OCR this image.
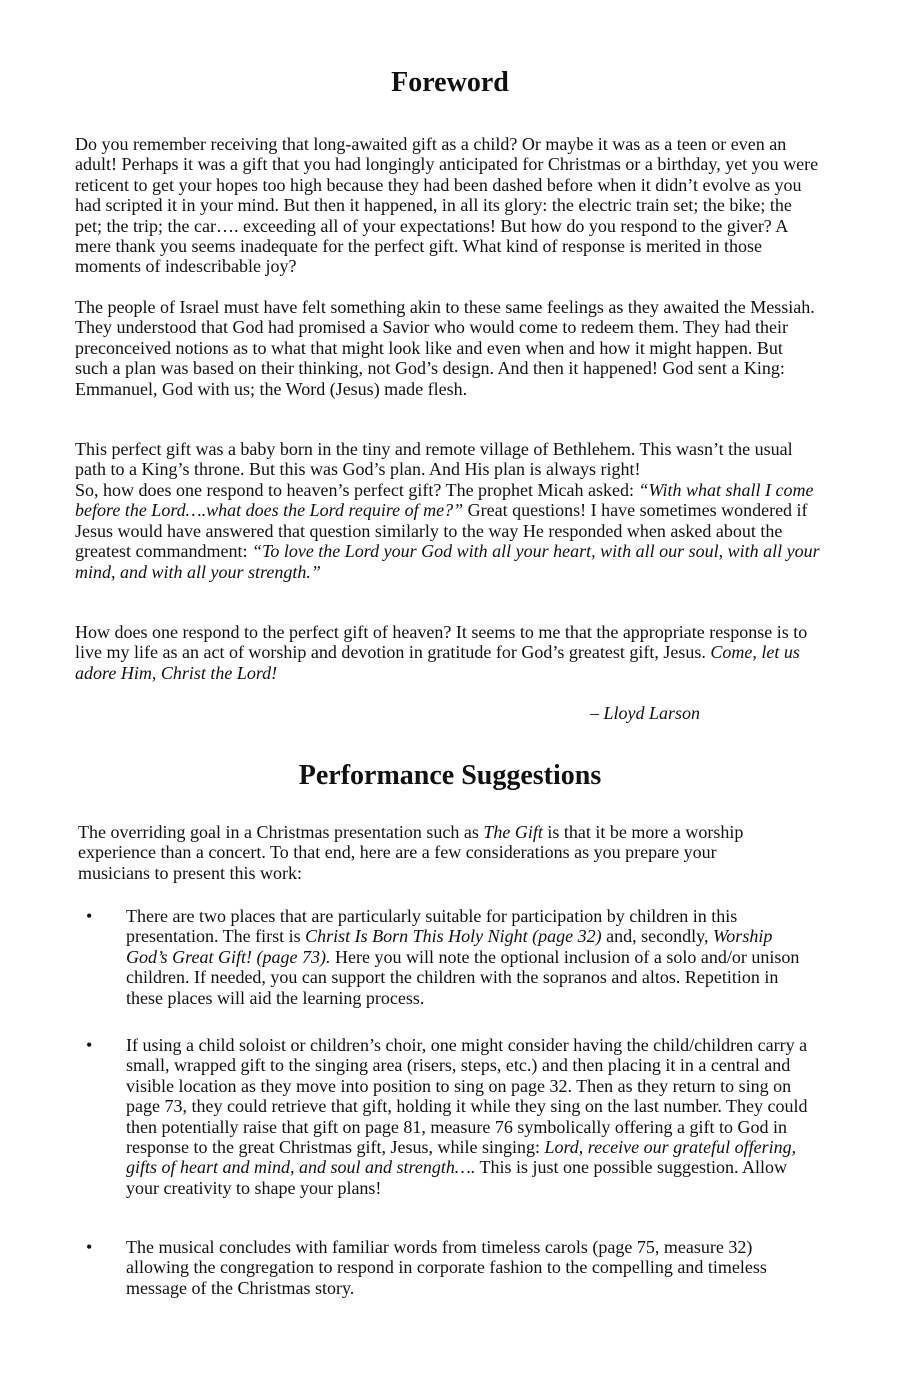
Foreword

Do you remember receiving that long-awaited gift as a child? Or maybe it was as a teen or even an adult! Perhaps it was a gift that you had longingly anticipated for Christmas or a birthday, yet you were reticent to get your hopes too high because they had been dashed before when it didn’t evolve as you had scripted it in your mind. But then it happened, in all its glory: the electric train set; the bike; the pet; the trip; the car…. exceeding all of your expectations! But how do you respond to the giver? A mere thank you seems inadequate for the perfect gift. What kind of response is merited in those moments of indescribable joy?

The people of Israel must have felt something akin to these same feelings as they awaited the Messiah. They understood that God had promised a Savior who would come to redeem them. They had their preconceived notions as to what that might look like and even when and how it might happen. But such a plan was based on their thinking, not God’s design. And then it happened! God sent a King: Emmanuel, God with us; the Word (Jesus) made flesh.

This perfect gift was a baby born in the tiny and remote village of Bethlehem. This wasn’t the usual path to a King’s throne. But this was God’s plan. And His plan is always right!

So, how does one respond to heaven’s perfect gift? The prophet Micah asked: “With what shall I come before the Lord….what does the Lord require of me?” Great questions! I have sometimes wondered if Jesus would have answered that question similarly to the way He responded when asked about the greatest commandment: “To love the Lord your God with all your heart, with all our soul, with all your mind, and with all your strength.”

How does one respond to the perfect gift of heaven? It seems to me that the appropriate response is to live my life as an act of worship and devotion in gratitude for God’s greatest gift, Jesus. Come, let us adore Him, Christ the Lord!

– Lloyd Larson

Performance Suggestions

The overriding goal in a Christmas presentation such as The Gift is that it be more a worship experience than a concert. To that end, here are a few considerations as you prepare your musicians to present this work:

• There are two places that are particularly suitable for participation by children in this presentation. The first is Christ Is Born This Holy Night (page 32) and, secondly, Worship God’s Great Gift! (page 73). Here you will note the optional inclusion of a solo and/or unison children. If needed, you can support the children with the sopranos and altos. Repetition in these places will aid the learning process.

• If using a child soloist or children’s choir, one might consider having the child/children carry a small, wrapped gift to the singing area (risers, steps, etc.) and then placing it in a central and visible location as they move into position to sing on page 32. Then as they return to sing on page 73, they could retrieve that gift, holding it while they sing on the last number. They could then potentially raise that gift on page 81, measure 76 symbolically offering a gift to God in response to the great Christmas gift, Jesus, while singing: Lord, receive our grateful offering, gifts of heart and mind, and soul and strength…. This is just one possible suggestion. Allow your creativity to shape your plans!

• The musical concludes with familiar words from timeless carols (page 75, measure 32) allowing the congregation to respond in corporate fashion to the compelling and timeless message of the Christmas story.
